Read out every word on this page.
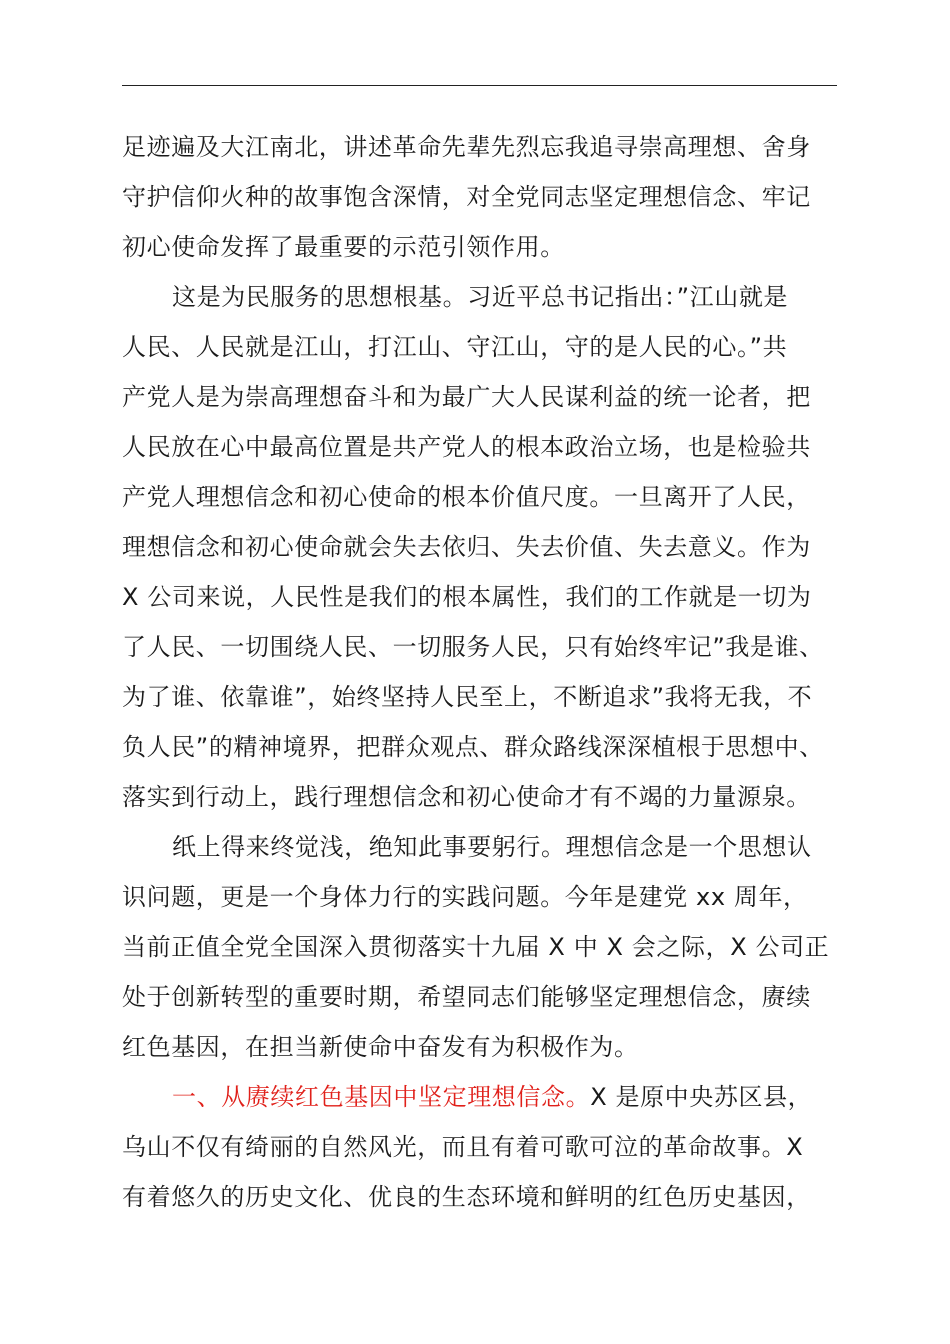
足迹遍及大江南北，讲述革命先辈先烈忘我追寻崇高理想、舍身
守护信仰火种的故事饱含深情，对全党同志坚定理想信念、牢记
初心使命发挥了最重要的示范引领作用。
这是为民服务的思想根基。习近平总书记指出：”江山就是
人民、人民就是江山，打江山、守江山，守的是人民的心。”共
产党人是为崇高理想奋斗和为最广大人民谋利益的统一论者，把
人民放在心中最高位置是共产党人的根本政治立场，也是检验共
产党人理想信念和初心使命的根本价值尺度。一旦离开了人民，
理想信念和初心使命就会失去依归、失去价值、失去意义。作为
X 公司来说，人民性是我们的根本属性，我们的工作就是一切为
了人民、一切围绕人民、一切服务人民，只有始终牢记”我是谁、
为了谁、依靠谁”，始终坚持人民至上，不断追求”我将无我，不
负人民”的精神境界，把群众观点、群众路线深深植根于思想中、
落实到行动上，践行理想信念和初心使命才有不竭的力量源泉。
纸上得来终觉浅，绝知此事要躬行。理想信念是一个思想认
识问题，更是一个身体力行的实践问题。今年是建党 xx 周年，
当前正值全党全国深入贯彻落实十九届 X 中 X 会之际，X 公司正
处于创新转型的重要时期，希望同志们能够坚定理想信念，赓续
红色基因，在担当新使命中奋发有为积极作为。
一、从赓续红色基因中坚定理想信念。X 是原中央苏区县，
乌山不仅有绮丽的自然风光，而且有着可歌可泣的革命故事。X
有着悠久的历史文化、优良的生态环境和鲜明的红色历史基因，
